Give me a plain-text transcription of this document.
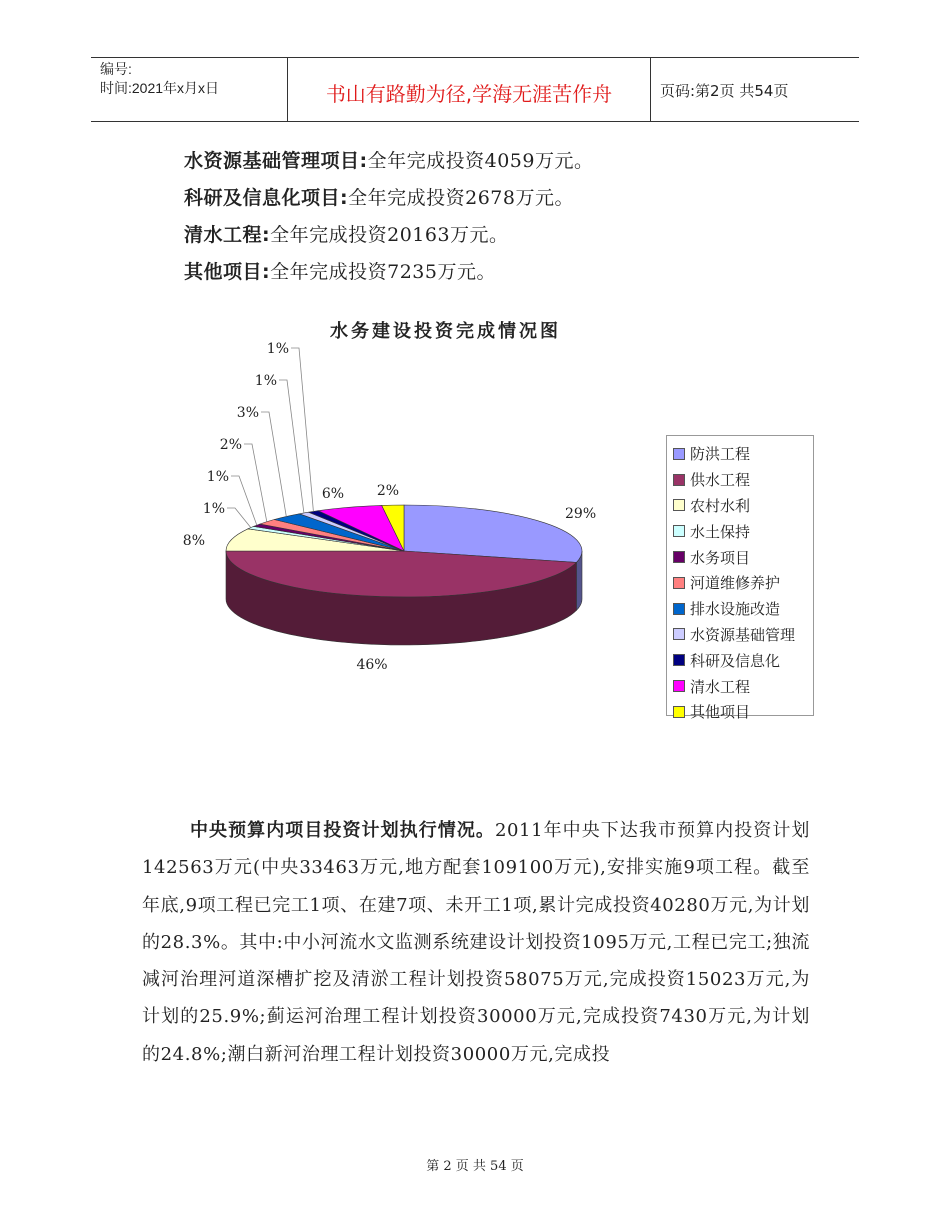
编号:
时间:2021年x月x日	书山有路勤为径,学海无涯苦作舟	页码:第2页 共54页
水资源基础管理项目:全年完成投资4059万元。
科研及信息化项目:全年完成投资2678万元。
清水工程:全年完成投资20163万元。
其他项目:全年完成投资7235万元。
水务建设投资完成情况图
29%
46%
8%
1%
1%
2%
3%
1%
1%
6% 2%
防洪工程
供水工程
农村水利
水土保持
水务项目
河道维修养护
排水设施改造
水资源基础管理
科研及信息化
清水工程
其他项目
中央预算内项目投资计划执行情况。2011年中央下达我市预算内投资计划142563万元(中央33463万元,地方配套109100万元),安排实施9项工程。截至年底,9项工程已完工1项、在建7项、未开工1项,累计完成投资40280万元,为计划的28.3%。其中:中小河流水文监测系统建设计划投资1095万元,工程已完工;独流减河治理河道深槽扩挖及清淤工程计划投资58075万元,完成投资15023万元,为计划的25.9%;蓟运河治理工程计划投资30000万元,完成投资7430万元,为计划的24.8%;潮白新河治理工程计划投资30000万元,完成投
第 2 页 共 54 页
